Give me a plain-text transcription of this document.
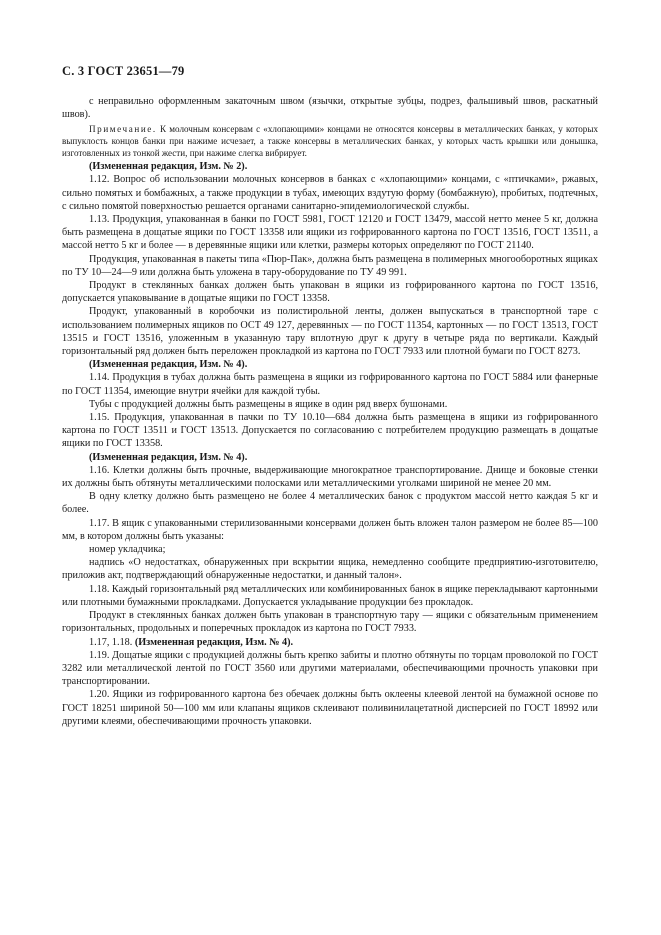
С. 3 ГОСТ 23651—79

с неправильно оформленным закаточным швом (язычки, открытые зубцы, подрез, фальшивый швов, раскатный швов).

Примечание. К молочным консервам с «хлопающими» концами не относятся консервы в металлических банках, у которых выпуклость концов банки при нажиме исчезает, а также консервы в металлических банках, у которых часть крышки или донышка, изготовленных из тонкой жести, при нажиме слегка вибрирует.

(Измененная редакция, Изм. № 2).

1.12. Вопрос об использовании молочных консервов в банках с «хлопающими» концами, с «птичками», ржавых, сильно помятых и бомбажных, а также продукции в тубах, имеющих вздутую форму (бомбажную), пробитых, подтечных, с сильно помятой поверхностью решается органами санитарно-эпидемиологической службы.

1.13. Продукция, упакованная в банки по ГОСТ 5981, ГОСТ 12120 и ГОСТ 13479, массой нетто менее 5 кг, должна быть размещена в дощатые ящики по ГОСТ 13358 или ящики из гофрированного картона по ГОСТ 13516, ГОСТ 13511, а массой нетто 5 кг и более — в деревянные ящики или клетки, размеры которых определяют по ГОСТ 21140.

Продукция, упакованная в пакеты типа «Пюр-Пак», должна быть размещена в полимерных многооборотных ящиках по ТУ 10—24—9 или должна быть уложена в тару-оборудование по ТУ 49 991.

Продукт в стеклянных банках должен быть упакован в ящики из гофрированного картона по ГОСТ 13516, допускается упаковывание в дощатые ящики по ГОСТ 13358.

Продукт, упакованный в коробочки из полистирольной ленты, должен выпускаться в транспортной таре с использованием полимерных ящиков по ОСТ 49 127, деревянных — по ГОСТ 11354, картонных — по ГОСТ 13513, ГОСТ 13515 и ГОСТ 13516, уложенным в указанную тару вплотную друг к другу в четыре ряда по вертикали. Каждый горизонтальный ряд должен быть переложен прокладкой из картона по ГОСТ 7933 или плотной бумаги по ГОСТ 8273.

(Измененная редакция, Изм. № 4).

1.14. Продукция в тубах должна быть размещена в ящики из гофрированного картона по ГОСТ 5884 или фанерные по ГОСТ 11354, имеющие внутри ячейки для каждой тубы.

Тубы с продукцией должны быть размещены в ящике в один ряд вверх бушонами.

1.15. Продукция, упакованная в пачки по ТУ 10.10—684 должна быть размещена в ящики из гофрированного картона по ГОСТ 13511 и ГОСТ 13513. Допускается по согласованию с потребителем продукцию размещать в дощатые ящики по ГОСТ 13358.

(Измененная редакция, Изм. № 4).

1.16. Клетки должны быть прочные, выдерживающие многократное транспортирование. Днище и боковые стенки их должны быть обтянуты металлическими полосками или металлическими уголками шириной не менее 20 мм.

В одну клетку должно быть размещено не более 4 металлических банок с продуктом массой нетто каждая 5 кг и более.

1.17. В ящик с упакованными стерилизованными консервами должен быть вложен талон размером не более 85—100 мм, в котором должны быть указаны:

номер укладчика;

надпись «О недостатках, обнаруженных при вскрытии ящика, немедленно сообщите предприятию-изготовителю, приложив акт, подтверждающий обнаруженные недостатки, и данный талон».

1.18. Каждый горизонтальный ряд металлических или комбинированных банок в ящике перекладывают картонными или плотными бумажными прокладками. Допускается укладывание продукции без прокладок.

Продукт в стеклянных банках должен быть упакован в транспортную тару — ящики с обязательным применением горизонтальных, продольных и поперечных прокладок из картона по ГОСТ 7933.

1.17, 1.18. (Измененная редакция, Изм. № 4).

1.19. Дощатые ящики с продукцией должны быть крепко забиты и плотно обтянуты по торцам проволокой по ГОСТ 3282 или металлической лентой по ГОСТ 3560 или другими материалами, обеспечивающими прочность упаковки при транспортировании.

1.20. Ящики из гофрированного картона без обечаек должны быть оклеены клеевой лентой на бумажной основе по ГОСТ 18251 шириной 50—100 мм или клапаны ящиков склеивают поливинилацетатной дисперсией по ГОСТ 18992 или другими клеями, обеспечивающими прочность упаковки.
